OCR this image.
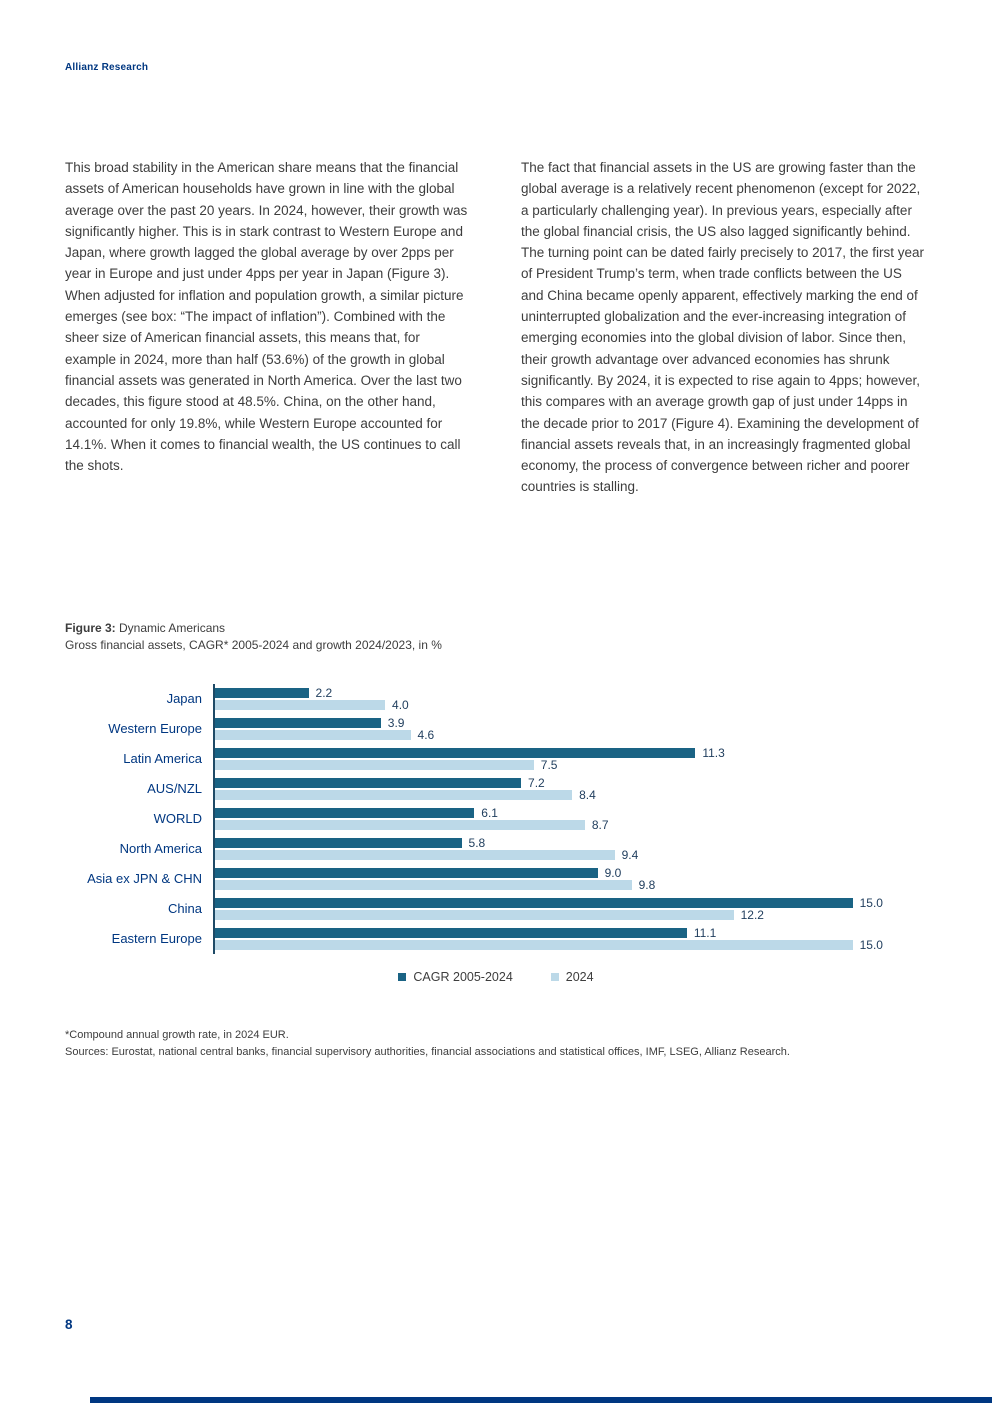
Allianz Research
This broad stability in the American share means that the financial assets of American households have grown in line with the global average over the past 20 years. In 2024, however, their growth was significantly higher. This is in stark contrast to Western Europe and Japan, where growth lagged the global average by over 2pps per year in Europe and just under 4pps per year in Japan (Figure 3). When adjusted for inflation and population growth, a similar picture emerges (see box: “The impact of inflation”). Combined with the sheer size of American financial assets, this means that, for example in 2024, more than half (53.6%) of the growth in global financial assets was generated in North America. Over the last two decades, this figure stood at 48.5%. China, on the other hand, accounted for only 19.8%, while Western Europe accounted for 14.1%. When it comes to financial wealth, the US continues to call the shots.
The fact that financial assets in the US are growing faster than the global average is a relatively recent phenomenon (except for 2022, a particularly challenging year). In previous years, especially after the global financial crisis, the US also lagged significantly behind. The turning point can be dated fairly precisely to 2017, the first year of President Trump’s term, when trade conflicts between the US and China became openly apparent, effectively marking the end of uninterrupted globalization and the ever-increasing integration of emerging economies into the global division of labor. Since then, their growth advantage over advanced economies has shrunk significantly. By 2024, it is expected to rise again to 4pps; however, this compares with an average growth gap of just under 14pps in the decade prior to 2017 (Figure 4). Examining the development of financial assets reveals that, in an increasingly fragmented global economy, the process of convergence between richer and poorer countries is stalling.
Figure 3: Dynamic Americans
Gross financial assets, CAGR* 2005-2024 and growth 2024/2023, in %
Japan	2.2
4.0
Western Europe	3.9
4.6
Latin America	11.3
7.5
AUS/NZL	7.2
8.4
WORLD	6.1
8.7
North America	5.8
9.4
Asia ex JPN & CHN	9.0
9.8
China	15.0
12.2
Eastern Europe	11.1
15.0
CAGR 2005-2024	2024
*Compound annual growth rate, in 2024 EUR.
Sources: Eurostat, national central banks, financial supervisory authorities, financial associations and statistical offices, IMF, LSEG, Allianz Research.
8
